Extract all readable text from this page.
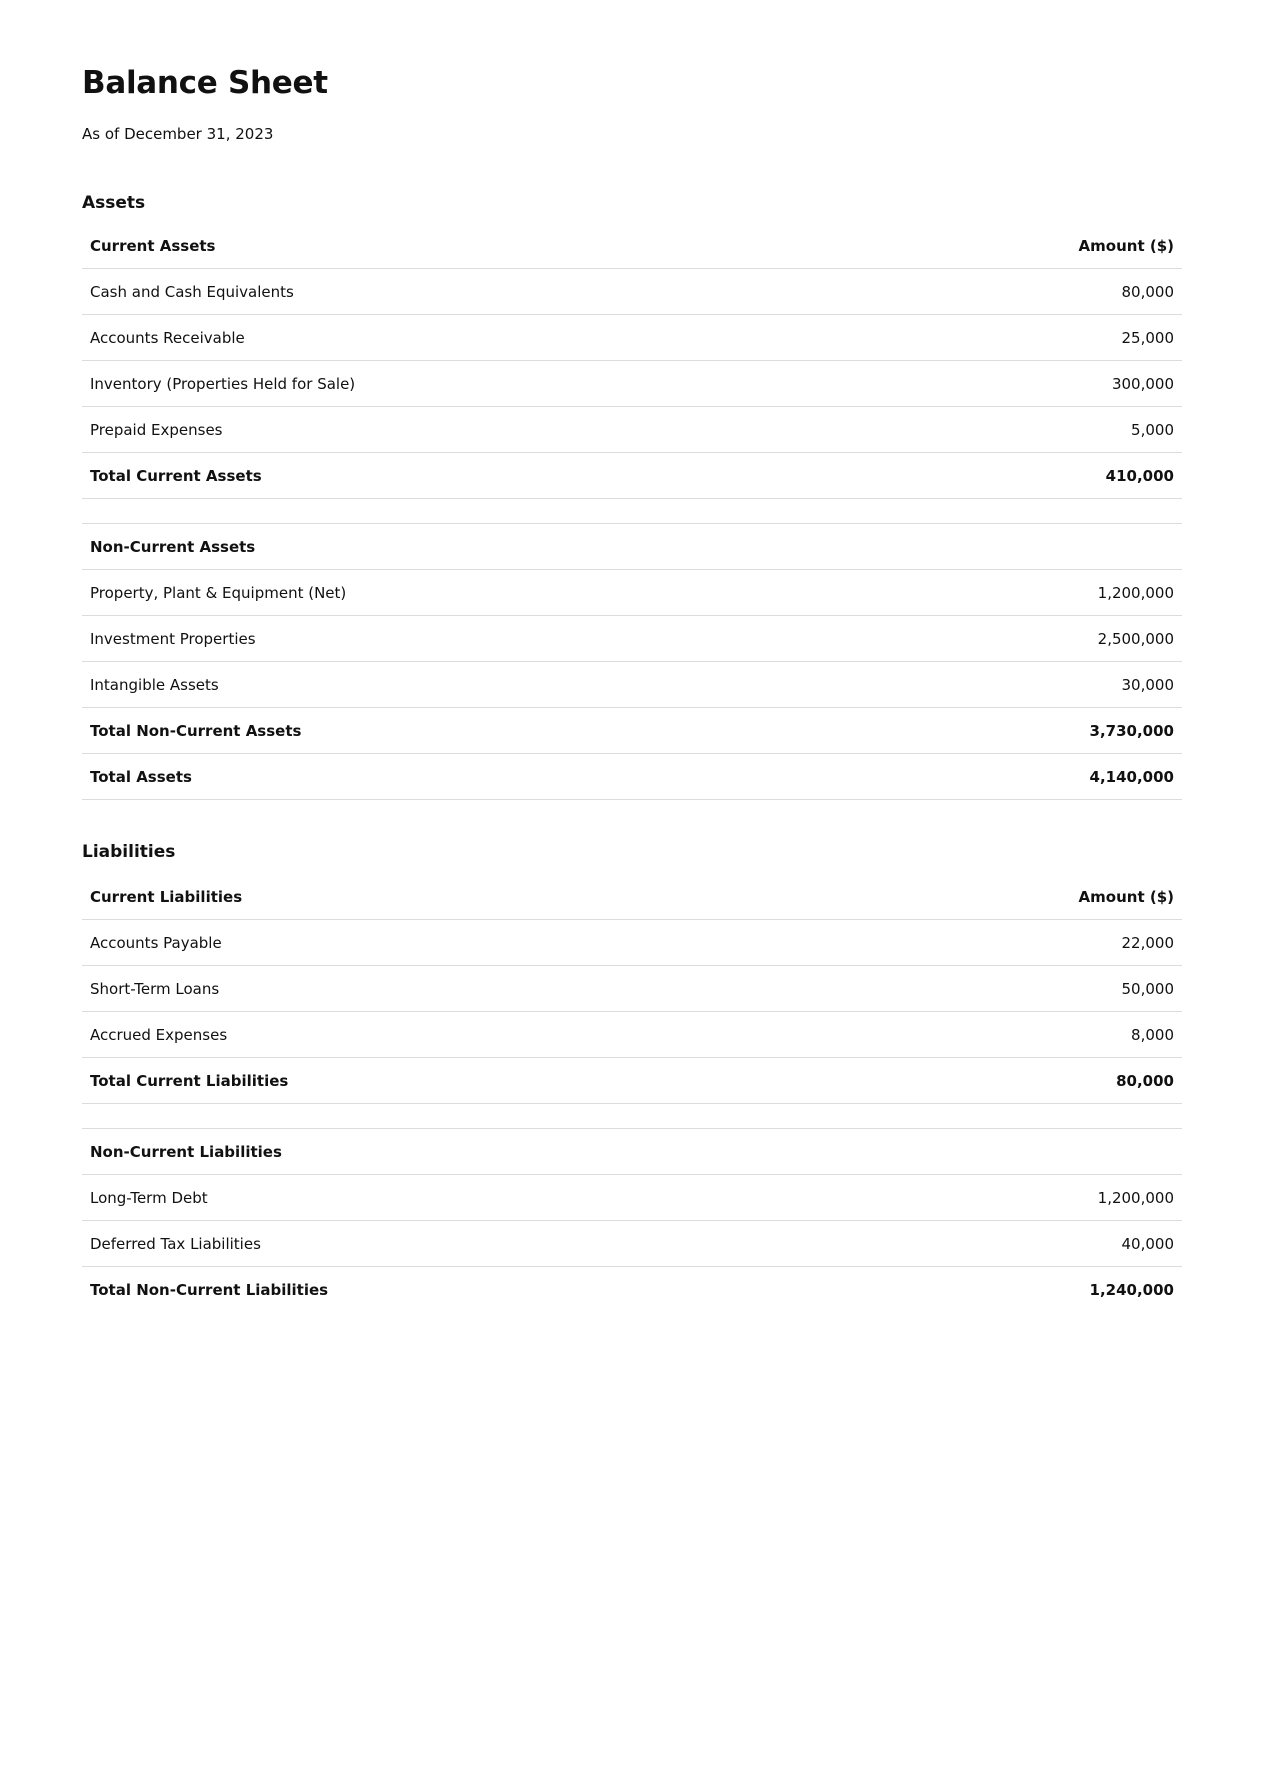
Balance Sheet

As of December 31, 2023

Assets
Current Assets	Amount ($)
Cash and Cash Equivalents	80,000
Accounts Receivable	25,000
Inventory (Properties Held for Sale)	300,000
Prepaid Expenses	5,000
Total Current Assets	410,000

Non-Current Assets	
Property, Plant & Equipment (Net)	1,200,000
Investment Properties	2,500,000
Intangible Assets	30,000
Total Non-Current Assets	3,730,000
Total Assets	4,140,000
Liabilities
Current Liabilities	Amount ($)
Accounts Payable	22,000
Short-Term Loans	50,000
Accrued Expenses	8,000
Total Current Liabilities	80,000

Non-Current Liabilities	
Long-Term Debt	1,200,000
Deferred Tax Liabilities	40,000
Total Non-Current Liabilities	1,240,000
